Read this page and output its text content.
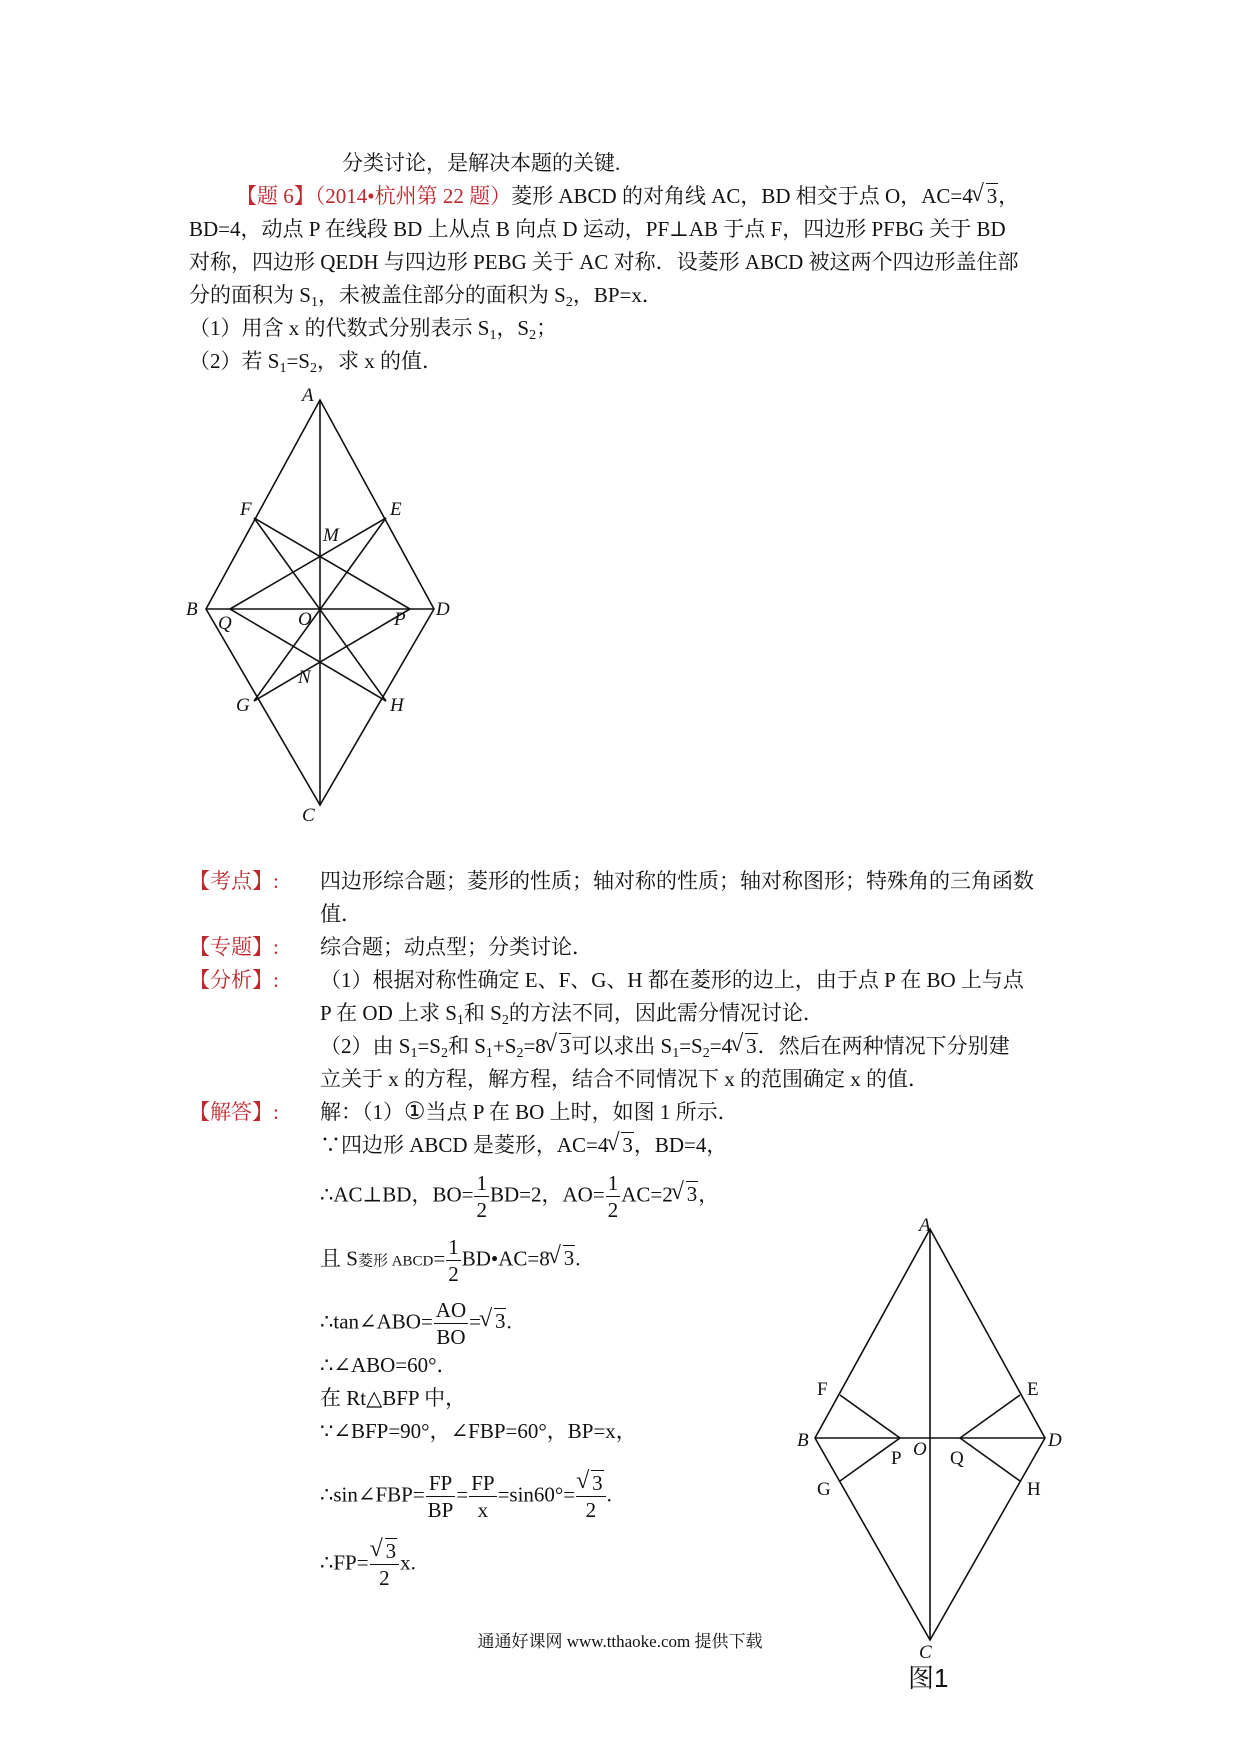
分类讨论，是解决本题的关键.
【题 6】（2014•杭州第 22 题）菱形 ABCD 的对角线 AC，BD 相交于点 O，AC=4√ 3，
BD=4，动点 P 在线段 BD 上从点 B 向点 D 运动，PF⊥AB 于点 F，四边形 PFBG 关于 BD
对称，四边形 QEDH 与四边形 PEBG 关于 AC 对称．设菱形 ABCD 被这两个四边形盖住部
分的面积为 $S_1$，未被盖住部分的面积为 $S_2$，BP=x．
（1）用含 x 的代数式分别表示 $S_1$，$S_2$；
（2）若 $S_1=S_2$，求 x 的值．
A
F	E
M
B
Q	O	P D
N
G	H
C
【考点】: 四边形综合题；菱形的性质；轴对称的性质；轴对称图形；特殊角的三角函数
值．
【专题】: 综合题；动点型；分类讨论．
【分析】: （1）根据对称性确定 E、F、G、H 都在菱形的边上，由于点 P 在 BO 上与点
P 在 OD 上求 $S_1$和 $S_2$的方法不同，因此需分情况讨论．
（2）由 $S_1=S_2$和 $S_1+S_2=8√$ 3可以求出 $S_1=S_2=4√$ 3．然后在两种情况下分别建
立关于 x 的方程，解方程，结合不同情况下 x 的范围确定 x 的值．
【解答】: 解：（1）①当点 P 在 BO 上时，如图 1 所示．
∵四边形 ABCD 是菱形，AC=4√ 3，BD=4，
∴AC⊥BD，$BO= \frac{1}{2} BD=2$，$AO= \frac{1}{2} AC=2√$ 3，
且 S菱形 ABCD= $\frac{1}{2}$ BD•AC=8√ 3.
∴tan∠ABO= $\frac{AO}{BO}$ =√ 3.
∴∠ABO=60°．
在 Rt△BFP 中，
∵∠BFP=90°，∠FBP=60°，BP=x，
∴sin∠FBP= $\frac{FP}{BP} = \frac{FP}{x} =\sin 60^\circ=$
√ $\frac{3}{2}$ .
∴FP=
√ $\frac{3}{2} x$.
A
F	E
B
P O Q
D
G	H
C
图1
通通好课网 www.tthaoke.com 提供下载
